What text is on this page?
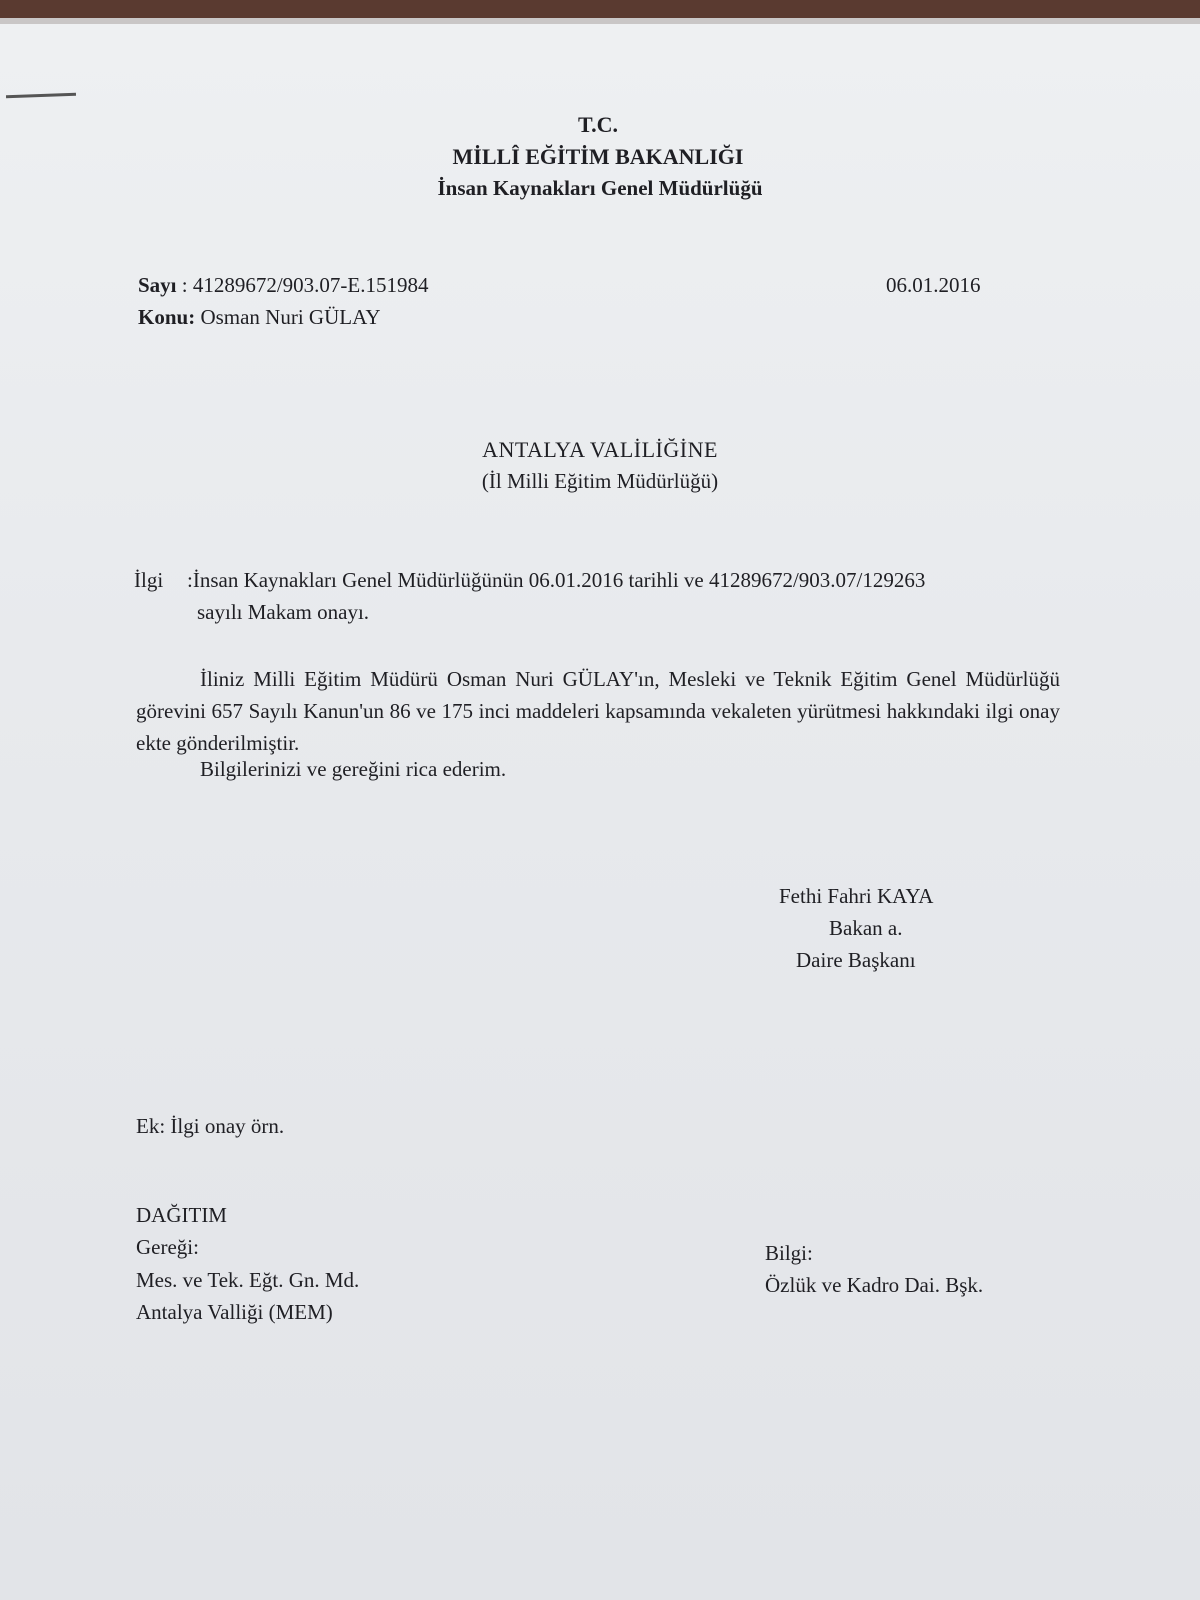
T.C.
MİLLÎ EĞİTİM BAKANLIĞI
İnsan Kaynakları Genel Müdürlüğü
Sayı : 41289672/903.07-E.151984	06.01.2016
Konu: Osman Nuri GÜLAY
ANTALYA VALİLİĞİNE
(İl Milli Eğitim Müdürlüğü)
İlgi :İnsan Kaynakları Genel Müdürlüğünün 06.01.2016 tarihli ve 41289672/903.07/129263
sayılı Makam onayı.
İliniz Milli Eğitim Müdürü Osman Nuri GÜLAY'ın, Mesleki ve Teknik Eğitim Genel Müdürlüğü görevini 657 Sayılı Kanun'un 86 ve 175 inci maddeleri kapsamında vekaleten yürütmesi hakkındaki ilgi onay ekte gönderilmiştir.
Bilgilerinizi ve gereğini rica ederim.
Fethi Fahri KAYA
Bakan a.
Daire Başkanı
Ek: İlgi onay örn.
DAĞITIM
Gereği:
Mes. ve Tek. Eğt. Gn. Md.
Antalya Valliği (MEM)
Bilgi:
Özlük ve Kadro Dai. Bşk.
